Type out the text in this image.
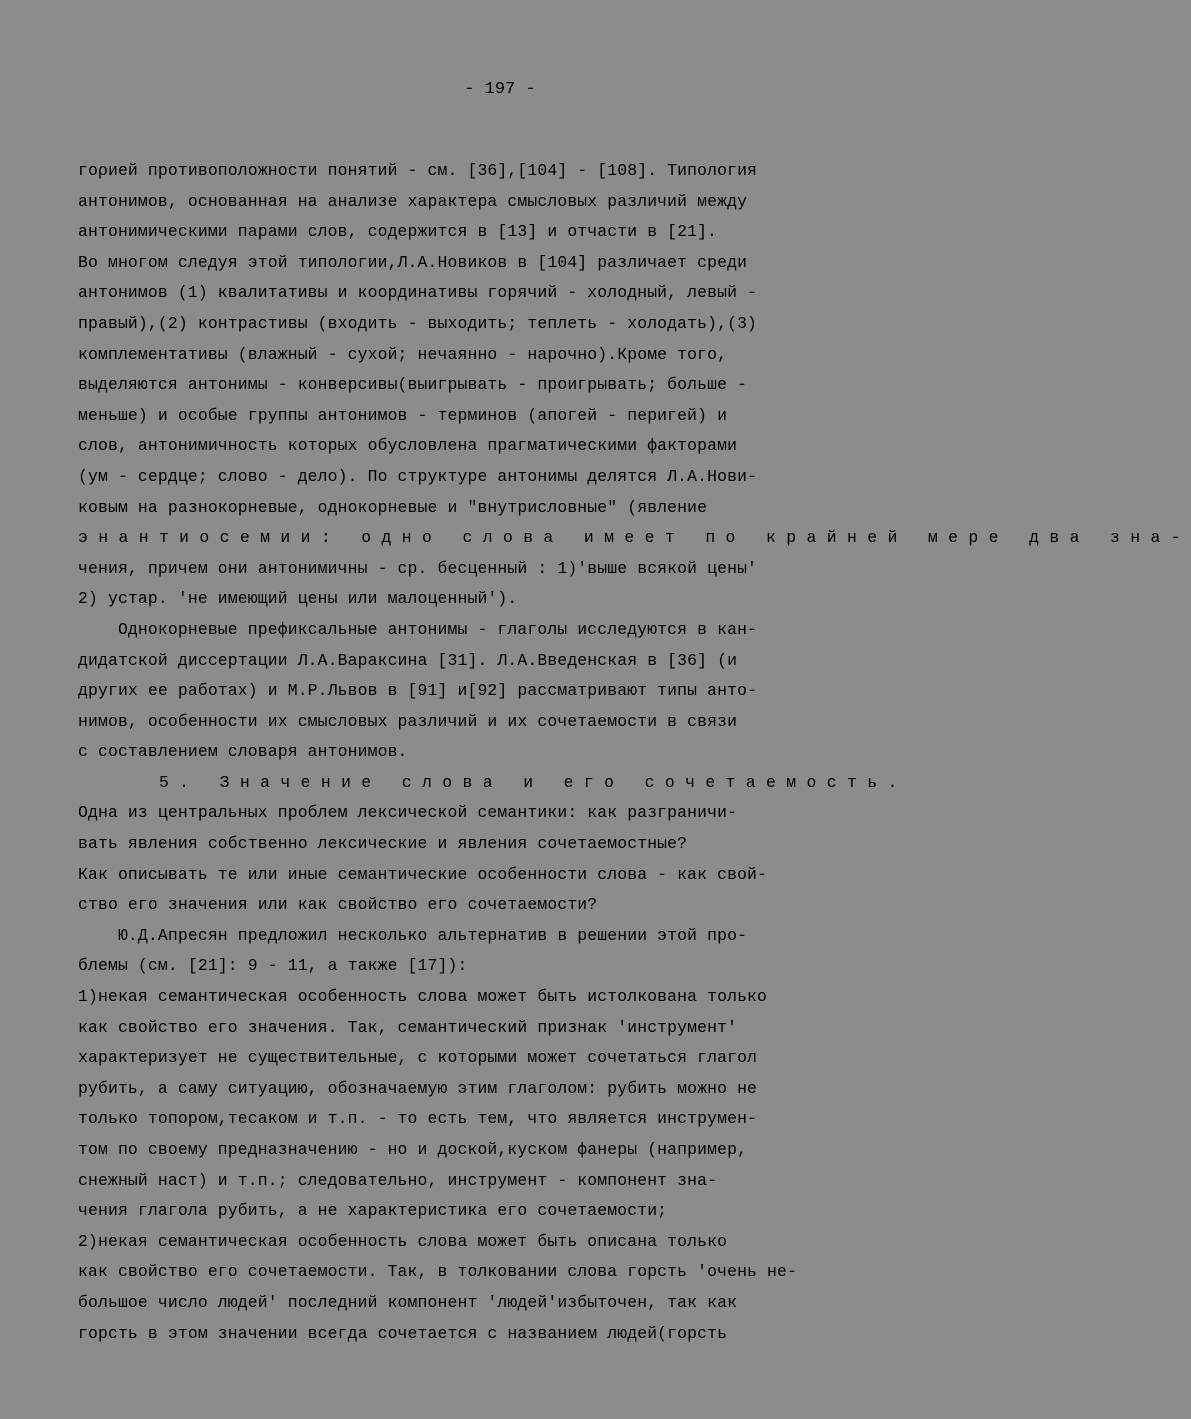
- 197 -
гορией противоположности понятий - см. [36],[104] - [108]. Типология
антонимов, основанная на анализе характера смысловых различий между
антонимическими парами слов, содержится в [13] и отчасти в [21].
Во многом следуя этой типологии,Л.А.Новиков в [104] различает среди
антонимов (1) квалитативы и координативы горячий - холодный, левый -
правый),(2) контрастивы (входить - выходить; теплеть - холодать),(3)
комплементативы (влажный - сухой; нечаянно - нарочно).Кроме того,
выделяются антонимы - конверсивы(выигрывать - проигрывать; больше -
меньше) и особые группы антонимов - терминов (апогей - перигей) и
слов, антонимичность которых обусловлена прагматическими факторами
(ум - сердце; слово - дело). По структуре антонимы делятся Л.А.Нови-
ковым на разнокорневые, однокорневые и "внутрисловные" (явление
энантиосемии: одно слова имеет по крайней мере два зна-
чения, причем они антонимичны - ср. бесценный : 1)'выше всякой цены'
2) устар. 'не имеющий цены или малоценный').
Однокорневые префиксальные антонимы - глаголы исследуются в кан-
дидатской диссертации Л.А.Вараксина [31]. Л.А.Введенская в [36] (и
других ее работах) и М.Р.Львов в [91] и[92] рассматривают типы анто-
нимов, особенности их смысловых различий и их сочетаемости в связи
с составлением словаря антонимов.
5. Значение слова и его сочетаемость.
Одна из центральных проблем лексической семантики: как разграничи-
вать явления собственно лексические и явления сочетаемостные?
Как описывать те или иные семантические особенности слова - как свой-
ство его значения или как свойство его сочетаемости?
Ю.Д.Апресян предложил несколько альтернатив в решении этой про-
блемы (см. [21]: 9 - 11, а также [17]):
1)некая семантическая особенность слова может быть истолкована только
как свойство его значения. Так, семантический признак 'инструмент'
характеризует не существительные, с которыми может сочетаться глагол
рубить, а саму ситуацию, обозначаемую этим глаголом: рубить можно не
только топором,тесаком и т.п. - то есть тем, что является инструмен-
том по своему предназначению - но и доской,куском фанеры (например,
снежный наст) и т.п.; следовательно, инструмент - компонент зна-
чения глагола рубить, а не характеристика его сочетаемости;
2)некая семантическая особенность слова может быть описана только
как свойство его сочетаемости. Так, в толковании слова горсть 'очень не-
большое число людей' последний компонент 'людей'избыточен, так как
горсть в этом значении всегда сочетается с названием людей(горсть
